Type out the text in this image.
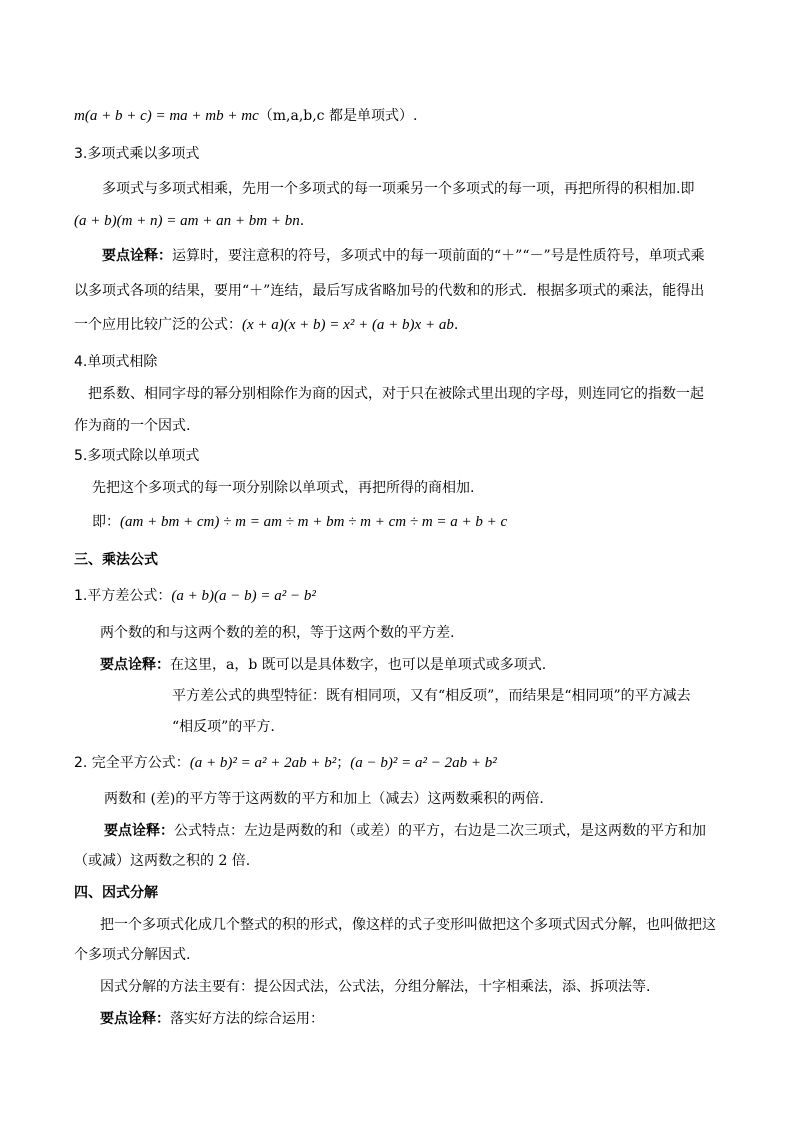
m(a + b + c) = ma + mb + mc（m,a,b,c 都是单项式）.
3.多项式乘以多项式
多项式与多项式相乘，先用一个多项式的每一项乘另一个多项式的每一项，再把所得的积相加.即
(a + b)(m + n) = am + an + bm + bn.
要点诠释：运算时，要注意积的符号，多项式中的每一项前面的“＋”“－”号是性质符号，单项式乘
以多项式各项的结果，要用“＋”连结，最后写成省略加号的代数和的形式．根据多项式的乘法，能得出
一个应用比较广泛的公式：(x + a)(x + b) = x² + (a + b)x + ab.
4.单项式相除
把系数、相同字母的幂分别相除作为商的因式，对于只在被除式里出现的字母，则连同它的指数一起
作为商的一个因式.
5.多项式除以单项式
先把这个多项式的每一项分别除以单项式，再把所得的商相加.
即：(am + bm + cm) ÷ m = am ÷ m + bm ÷ m + cm ÷ m = a + b + c
三、乘法公式
1.平方差公式：(a + b)(a − b) = a² − b²
两个数的和与这两个数的差的积，等于这两个数的平方差.
要点诠释：在这里，a，b 既可以是具体数字，也可以是单项式或多项式.
平方差公式的典型特征：既有相同项，又有“相反项”，而结果是“相同项”的平方减去
“相反项”的平方.
2. 完全平方公式：(a + b)² = a² + 2ab + b²；(a − b)² = a² − 2ab + b²
两数和 (差)的平方等于这两数的平方和加上（减去）这两数乘积的两倍.
要点诠释：公式特点：左边是两数的和（或差）的平方，右边是二次三项式，是这两数的平方和加
（或减）这两数之积的 2 倍.
四、因式分解
把一个多项式化成几个整式的积的形式，像这样的式子变形叫做把这个多项式因式分解，也叫做把这
个多项式分解因式.
因式分解的方法主要有：提公因式法，公式法，分组分解法，十字相乘法，添、拆项法等.
要点诠释：落实好方法的综合运用：
